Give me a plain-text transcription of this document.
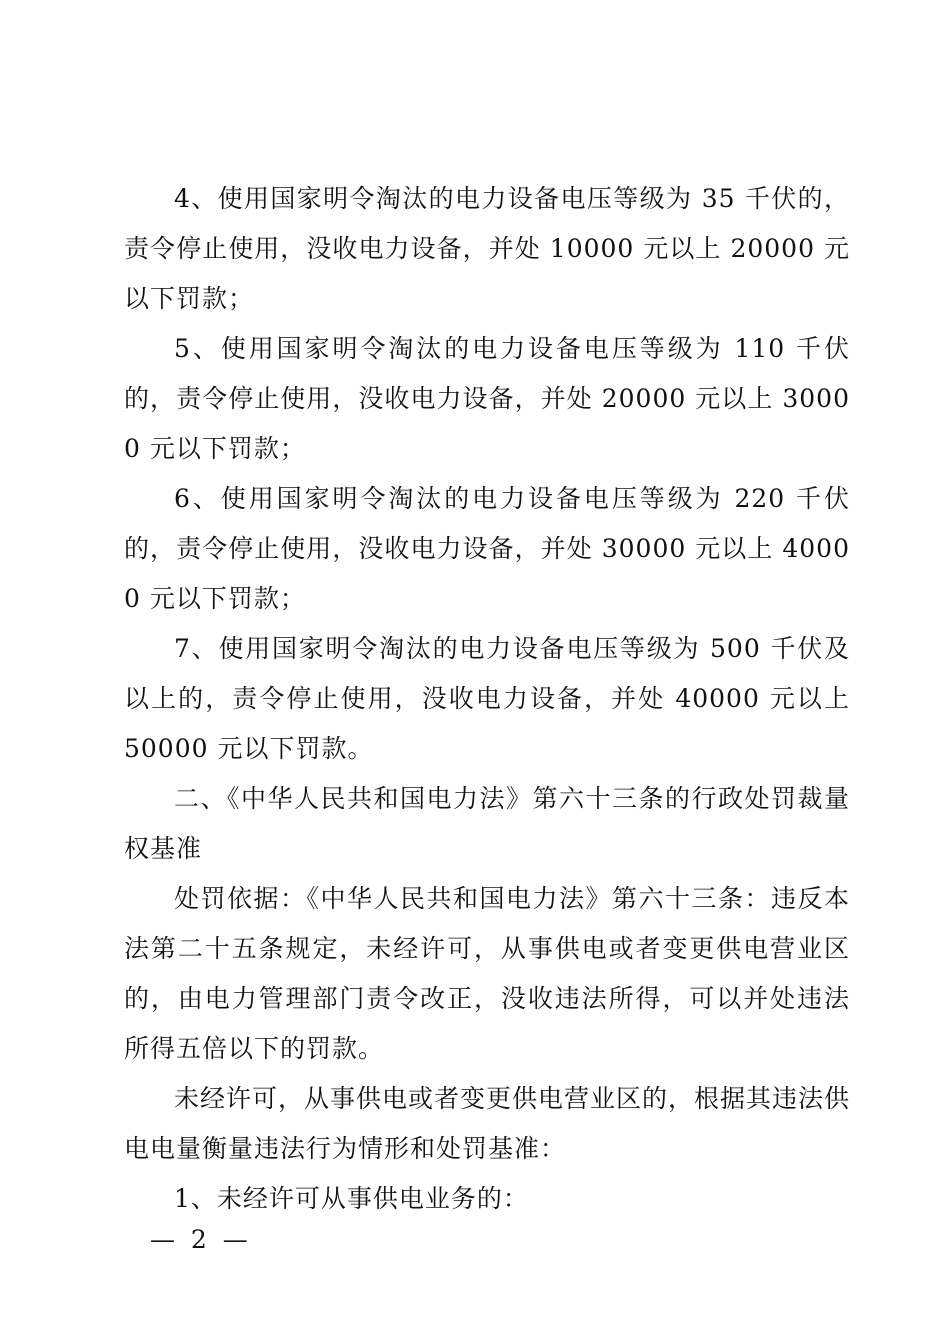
4、使用国家明令淘汰的电力设备电压等级为 35 千伏的，责令停止使用，没收电力设备，并处 10000 元以上 20000 元以下罚款；

5、使用国家明令淘汰的电力设备电压等级为 110 千伏的，责令停止使用，没收电力设备，并处 20000 元以上 30000 元以下罚款；

6、使用国家明令淘汰的电力设备电压等级为 220 千伏的，责令停止使用，没收电力设备，并处 30000 元以上 40000 元以下罚款；

7、使用国家明令淘汰的电力设备电压等级为 500 千伏及以上的，责令停止使用，没收电力设备，并处 40000 元以上 50000 元以下罚款。

二、《中华人民共和国电力法》第六十三条的行政处罚裁量权基准

处罚依据：《中华人民共和国电力法》第六十三条：违反本法第二十五条规定，未经许可，从事供电或者变更供电营业区的，由电力管理部门责令改正，没收违法所得，可以并处违法所得五倍以下的罚款。

未经许可，从事供电或者变更供电营业区的，根据其违法供电电量衡量违法行为情形和处罚基准：

1、未经许可从事供电业务的：

—  2  —
